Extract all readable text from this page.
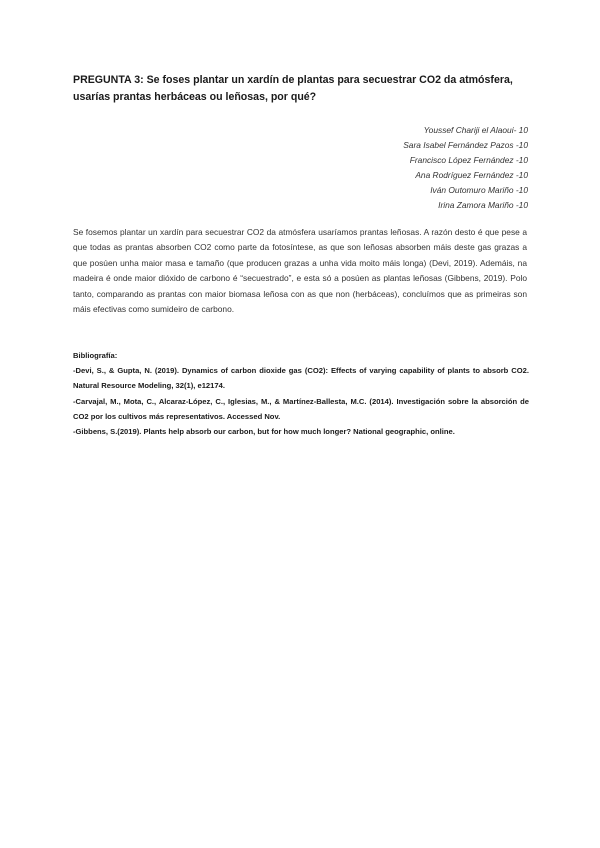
PREGUNTA 3: Se foses plantar un xardín de plantas para secuestrar CO2 da atmósfera, usarías prantas herbáceas ou leñosas, por qué?
Youssef Chariji el Alaoui- 10
Sara Isabel Fernández Pazos -10
Francisco López Fernández -10
Ana Rodríguez Fernández -10
Iván Outomuro Mariño -10
Irina Zamora Mariño -10

Se fosemos plantar un xardín para secuestrar CO2 da atmósfera usaríamos prantas leñosas. A razón desto é que pese a que todas as prantas absorben CO2 como parte da fotosíntese, as que son leñosas absorben máis deste gas grazas a que posúen unha maior masa e tamaño (que producen grazas a unha vida moito máis longa) (Devi, 2019). Ademáis, na madeira é onde maior dióxido de carbono é “secuestrado”, e esta só a posúen as plantas leñosas (Gibbens, 2019). Polo tanto, comparando as prantas con maior biomasa leñosa con as que non (herbáceas), concluímos que as primeiras son máis efectivas como sumideiro de carbono.

Bibliografía:

-Devi, S., & Gupta, N. (2019). Dynamics of carbon dioxide gas (CO2): Effects of varying capability of plants to absorb CO2. Natural Resource Modeling, 32(1), e12174.

-Carvajal, M., Mota, C., Alcaraz-López, C., Iglesias, M., & Martínez-Ballesta, M.C. (2014). Investigación sobre la absorción de CO2 por los cultivos más representativos. Accessed Nov.

-Gibbens, S.(2019). Plants help absorb our carbon, but for how much longer? National geographic, online.
